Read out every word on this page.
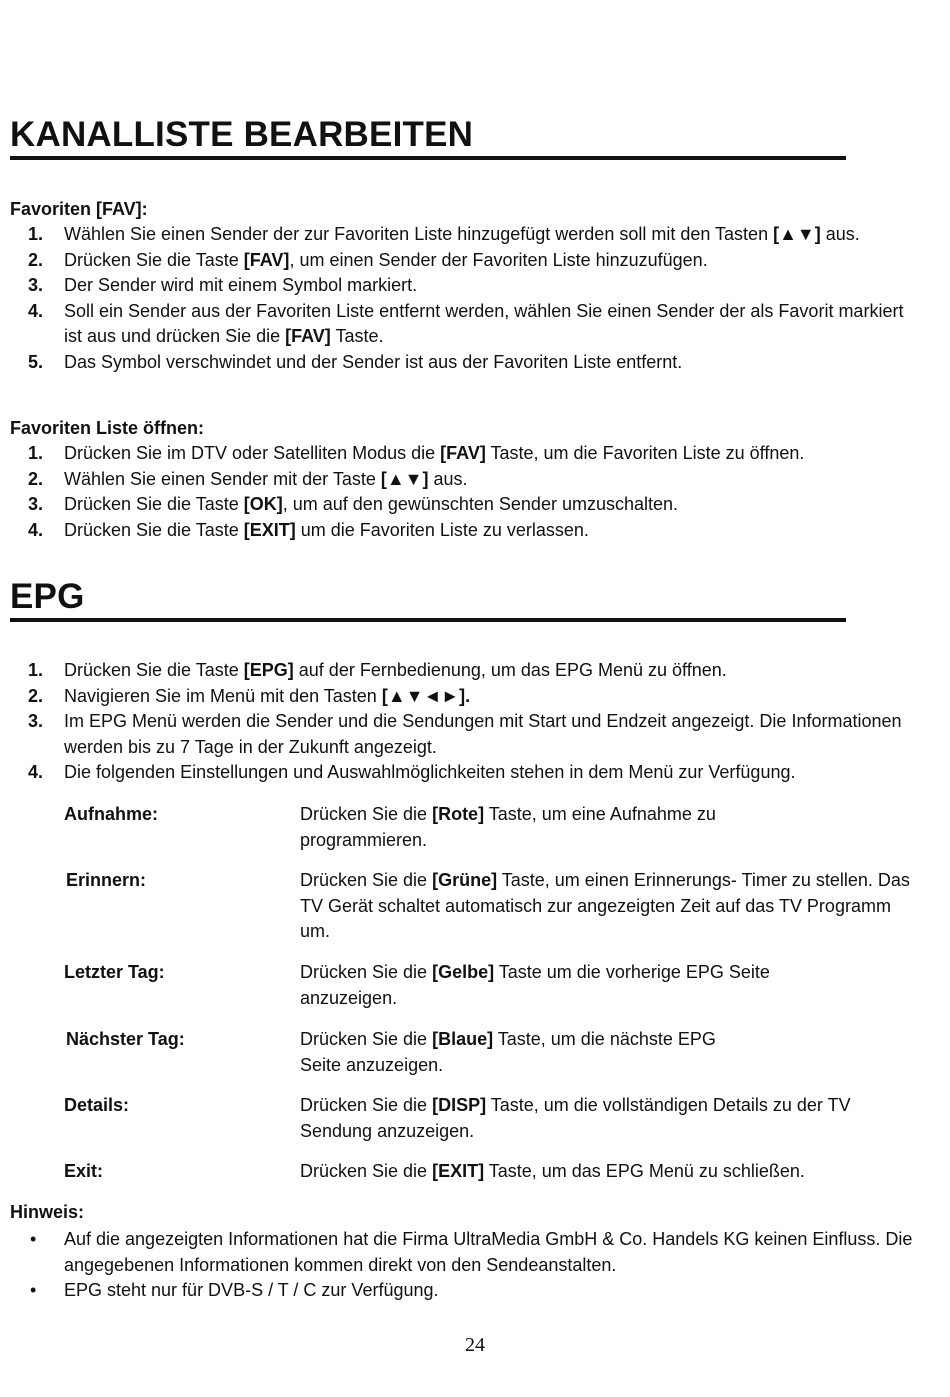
KANALLISTE BEARBEITEN
Favoriten [FAV]:
1. Wählen Sie einen Sender der zur Favoriten Liste hinzugefügt werden soll mit den Tasten [▲▼] aus.
2. Drücken Sie die Taste [FAV], um einen Sender der Favoriten Liste hinzuzufügen.
3. Der Sender wird mit einem Symbol markiert.
4. Soll ein Sender aus der Favoriten Liste entfernt werden, wählen Sie einen Sender der als Favorit markiert ist aus und drücken Sie die [FAV] Taste.
5. Das Symbol verschwindet und der Sender ist aus der Favoriten Liste entfernt.
Favoriten Liste öffnen:
1. Drücken Sie im DTV oder Satelliten Modus die [FAV] Taste, um die Favoriten Liste zu öffnen.
2. Wählen Sie einen Sender mit der Taste [▲▼] aus.
3. Drücken Sie die Taste [OK], um auf den gewünschten Sender umzuschalten.
4. Drücken Sie die Taste [EXIT] um die Favoriten Liste zu verlassen.
EPG
1. Drücken Sie die Taste [EPG] auf der Fernbedienung, um das EPG Menü zu öffnen.
2. Navigieren Sie im Menü mit den Tasten [▲▼◄►].
3. Im EPG Menü werden die Sender und die Sendungen mit Start und Endzeit angezeigt. Die Informationen werden bis zu 7 Tage in der Zukunft angezeigt.
4. Die folgenden Einstellungen und Auswahlmöglichkeiten stehen in dem Menü zur Verfügung.
Aufnahme:	Drücken Sie die [Rote] Taste, um eine Aufnahme zu
programmieren.
Erinnern:	Drücken Sie die [Grüne] Taste, um einen Erinnerungs- Timer zu stellen. Das TV Gerät schaltet automatisch zur angezeigten Zeit auf das TV Programm um.
Letzter Tag:	Drücken Sie die [Gelbe] Taste um die vorherige EPG Seite
anzuzeigen.
Nächster Tag:	Drücken Sie die [Blaue] Taste, um die nächste EPG
Seite anzuzeigen.
Details:	Drücken Sie die [DISP] Taste, um die vollständigen Details zu der TV Sendung anzuzeigen.
Exit:	Drücken Sie die [EXIT] Taste, um das EPG Menü zu schließen.
Hinweis:
• Auf die angezeigten Informationen hat die Firma UltraMedia GmbH & Co. Handels KG keinen Einfluss. Die angegebenen Informationen kommen direkt von den Sendeanstalten.
• EPG steht nur für DVB-S / T / C zur Verfügung.
24
